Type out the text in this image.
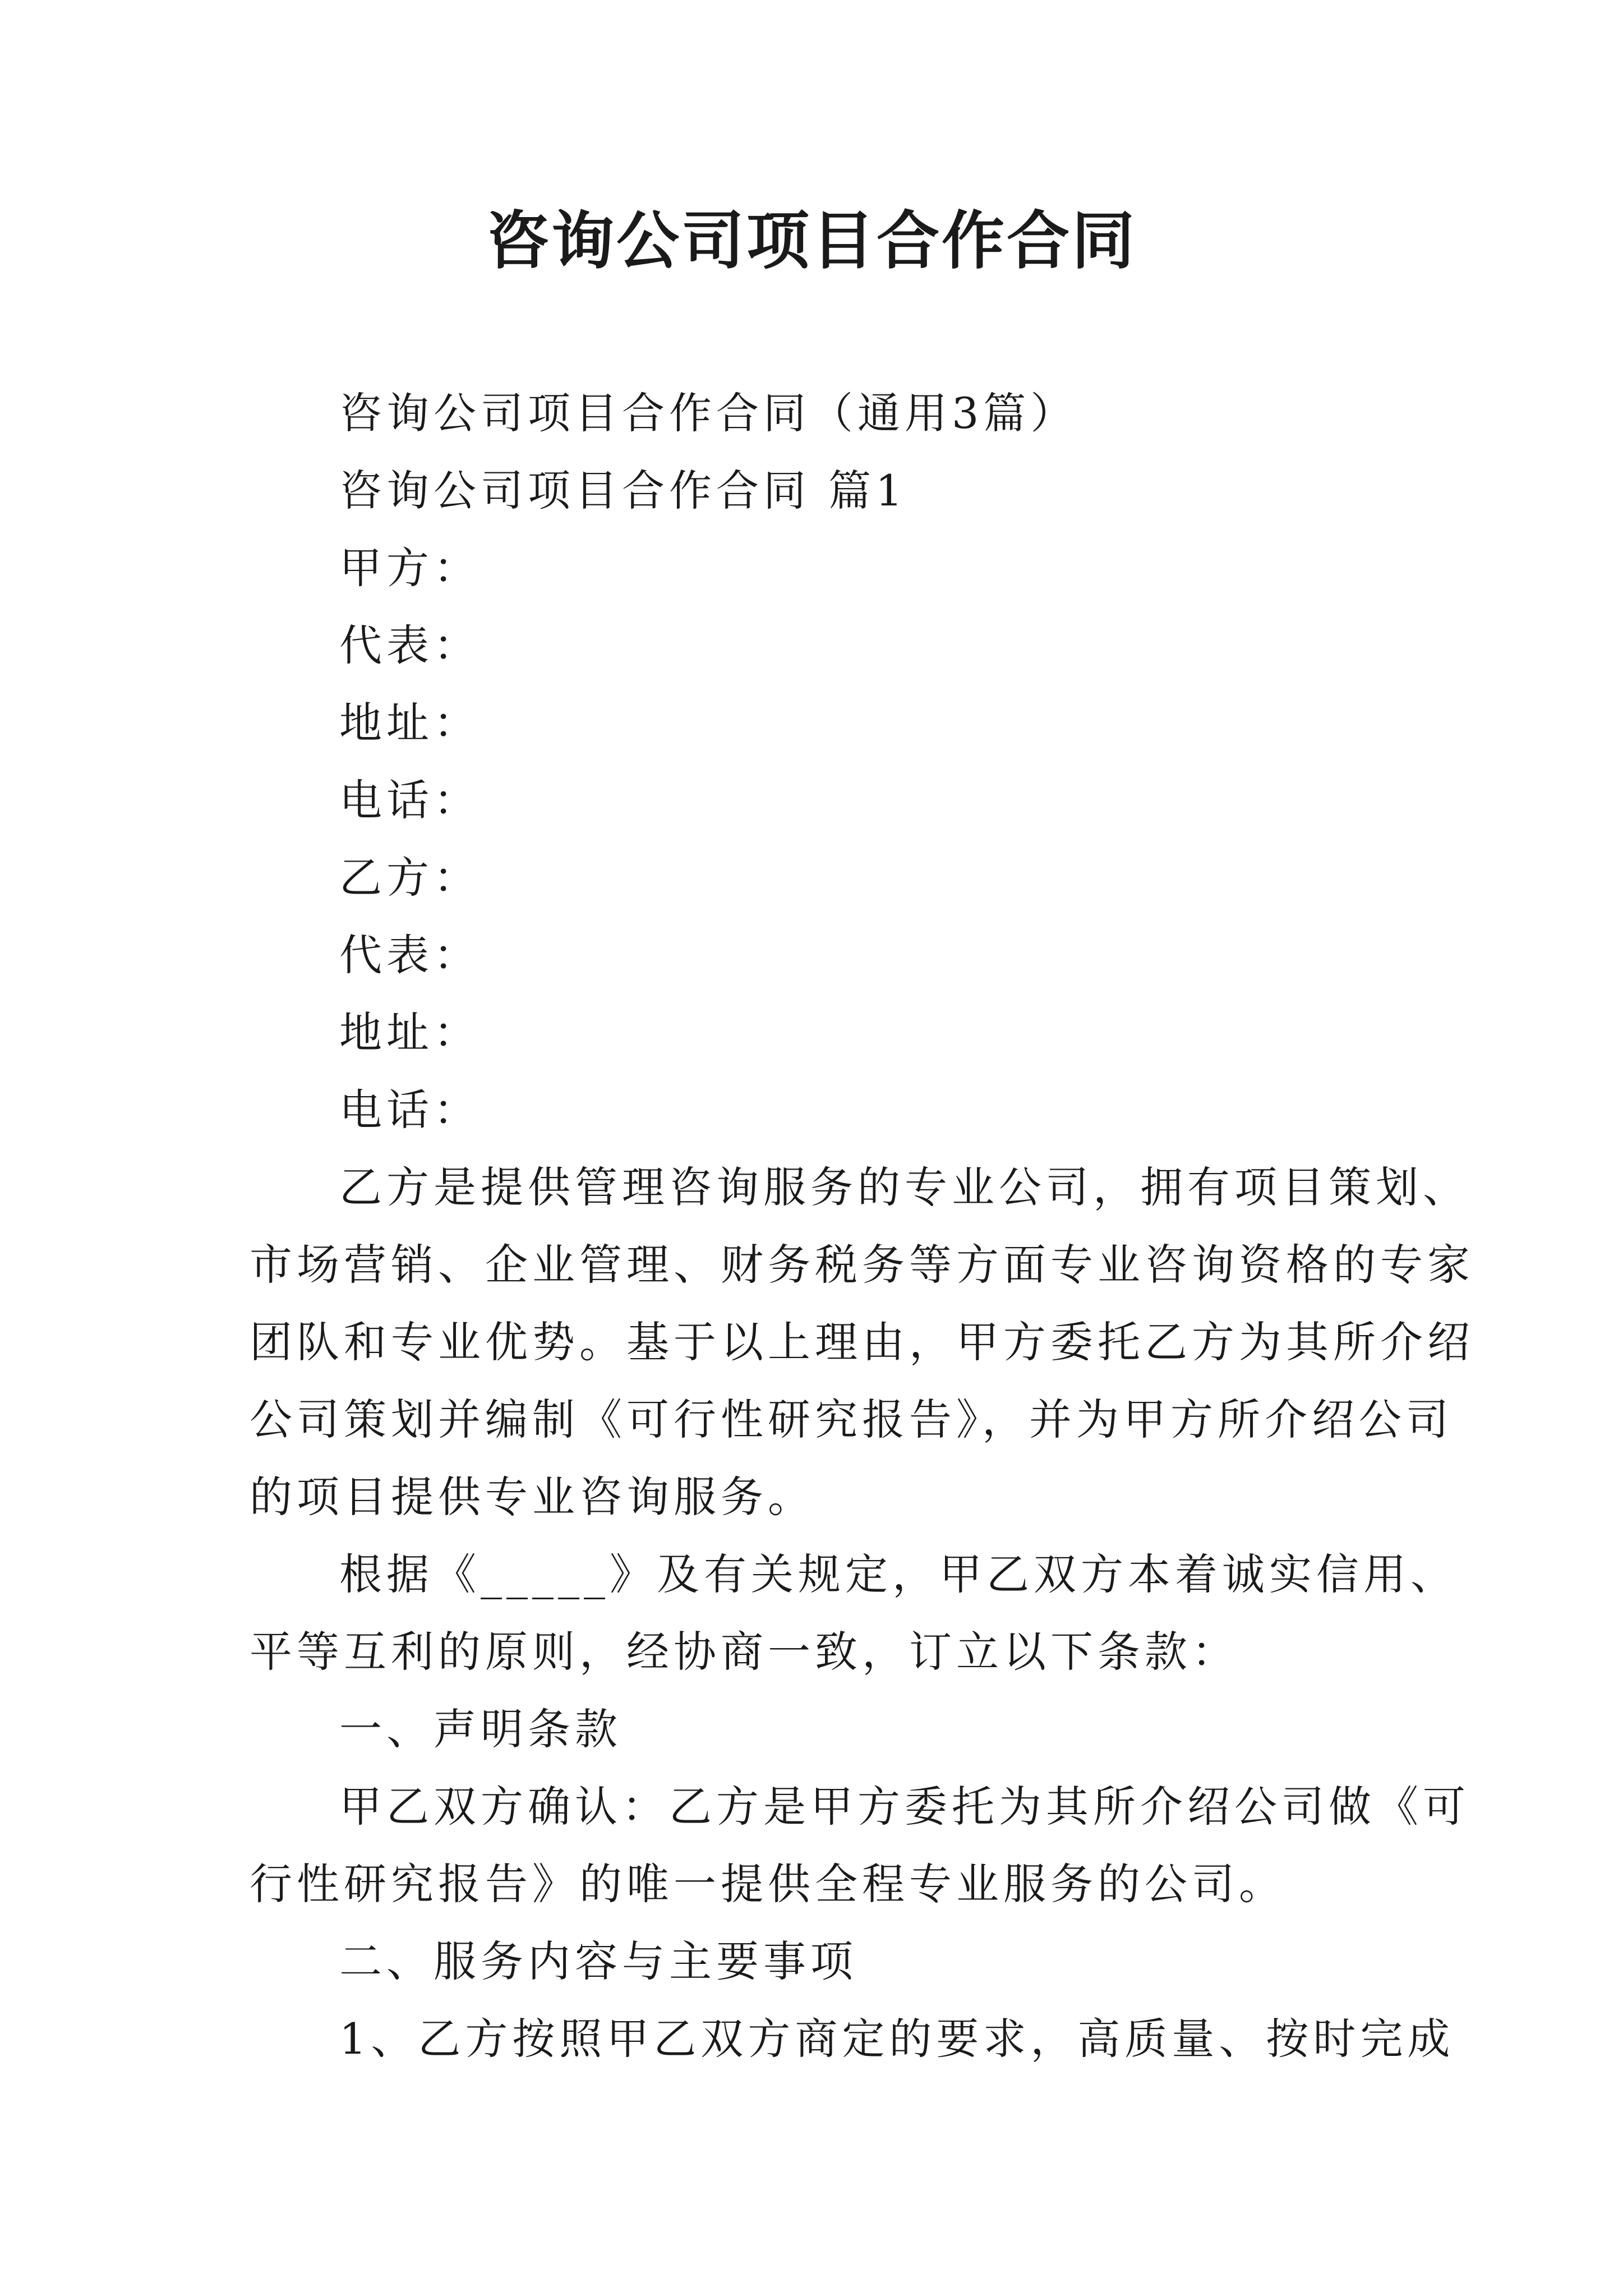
咨询公司项目合作合同

咨询公司项目合作合同（通用3篇）

咨询公司项目合作合同 篇1

甲方：

代表：

地址：

电话：

乙方：

代表：

地址：

电话：

乙方是提供管理咨询服务的专业公司，拥有项目策划、

市场营销、企业管理、财务税务等方面专业咨询资格的专家

团队和专业优势。基于以上理由，甲方委托乙方为其所介绍

公司策划并编制《可行性研究报告》，并为甲方所介绍公司

的项目提供专业咨询服务。

根据《_____》及有关规定，甲乙双方本着诚实信用、

平等互利的原则，经协商一致，订立以下条款：

一、声明条款

甲乙双方确认：乙方是甲方委托为其所介绍公司做《可

行性研究报告》的唯一提供全程专业服务的公司。

二、服务内容与主要事项

1、乙方按照甲乙双方商定的要求，高质量、按时完成
